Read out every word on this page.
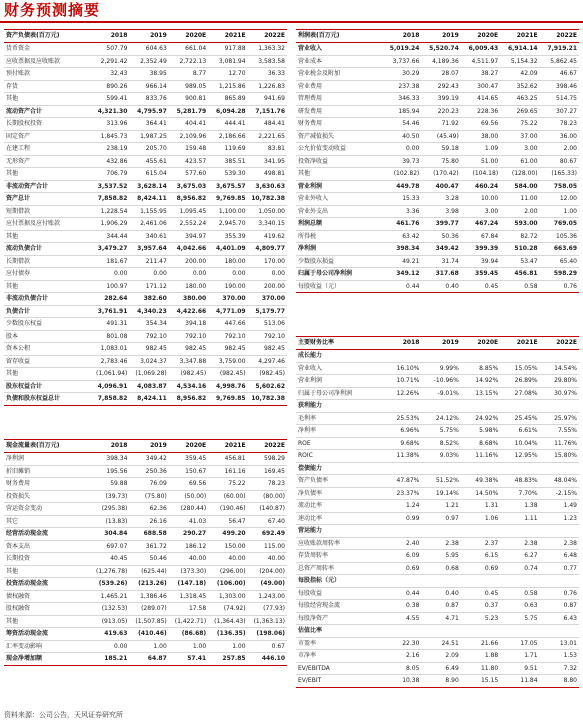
财务预测摘要
资产负债表(百万元)	2018	2019	2020E	2021E	2022E
货币资金	507.79	604.63	661.04	917.88	1,363.32
应收票据及应收账款	2,291.42	2,352.49	2,722.13	3,081.94	3,583.58
预付账款	32.43	38.95	8.77	12.70	36.33
存货	890.26	966.14	989.05	1,215.86	1,226.83
其他	599.41	833.76	900.81	865.89	941.69
流动资产合计	4,321.30	4,795.97	5,281.79	6,094.28	7,151.76
长期股权投资	313.96	364.41	404.41	444.41	484.41
固定资产	1,845.73	1,987.25	2,109.96	2,186.66	2,221.65
在建工程	238.19	205.70	159.48	119.69	83.81
无形资产	432.86	455.61	423.57	385.51	341.95
其他	706.79	615.04	577.60	539.30	498.81
非流动资产合计	3,537.52	3,628.14	3,675.03	3,675.57	3,630.63
资产总计	7,858.82	8,424.11	8,956.82	9,769.85	10,782.38
短期借款	1,228.54	1,155.95	1,095.45	1,100.00	1,050.00
应付票据及应付账款	1,906.29	2,461.06	2,552.24	2,945.70	3,340.15
其他	344.44	340.61	394.97	355.39	419.62
流动负债合计	3,479.27	3,957.64	4,042.66	4,401.09	4,809.77
长期借款	181.67	211.47	200.00	180.00	170.00
应付债券	0.00	0.00	0.00	0.00	0.00
其他	100.97	171.12	180.00	190.00	200.00
非流动负债合计	282.64	382.60	380.00	370.00	370.00
负债合计	3,761.91	4,340.23	4,422.66	4,771.09	5,179.77
少数股东权益	491.31	354.34	394.18	447.66	513.06
股本	801.08	792.10	792.10	792.10	792.10
资本公积	1,083.01	982.45	982.45	982.45	982.45
留存收益	2,783.46	3,024.37	3,347.88	3,759.00	4,297.46
其他	(1,061.94)	(1,069.28)	(982.45)	(982.45)	(982.45)
股东权益合计	4,096.91	4,083.87	4,534.16	4,998.76	5,602.62
负债和股东权益总计	7,858.82	8,424.11	8,956.82	9,769.85	10,782.38
利润表(百万元)	2018	2019	2020E	2021E	2022E
营业收入	5,019.24	5,520.74	6,009.43	6,914.14	7,919.21
营业成本	3,737.66	4,189.36	4,511.97	5,154.32	5,862.45
营业税金及附加	30.29	28.07	38.27	42.09	46.67
营业费用	237.38	292.43	300.47	352.62	398.46
管理费用	346.33	399.19	414.65	463.25	514.75
研发费用	185.94	220.23	228.36	269.65	307.27
财务费用	54.46	71.92	69.56	75.22	78.23
资产减值损失	40.50	(45.49)	38.00	37.00	36.00
公允价值变动收益	0.00	59.18	1.09	3.00	2.00
投资净收益	39.73	75.80	51.00	61.00	80.67
其他	(102.82)	(170.42)	(104.18)	(128.00)	(165.33)
营业利润	449.78	400.47	460.24	584.00	758.05
营业外收入	15.33	3.28	10.00	11.00	12.00
营业外支出	3.36	3.98	3.00	2.00	1.00
利润总额	461.76	399.77	467.24	593.00	769.05
所得税	63.42	50.36	67.84	82.72	105.36
净利润	398.34	349.42	399.39	510.28	663.69
少数股东损益	49.21	31.74	39.94	53.47	65.40
归属于母公司净利润	349.12	317.68	359.45	456.81	598.29
每股收益（元）	0.44	0.40	0.45	0.58	0.76
主要财务比率	2018	2019	2020E	2021E	2022E
成长能力					
营业收入	16.10%	9.99%	8.85%	15.05%	14.54%
营业利润	10.71%	-10.96%	14.92%	26.89%	29.80%
归属于母公司净利润	12.26%	-9.01%	13.15%	27.08%	30.97%
获利能力					
毛利率	25.53%	24.12%	24.92%	25.45%	25.97%
净利率	6.96%	5.75%	5.98%	6.61%	7.55%
ROE	9.68%	8.52%	8.68%	10.04%	11.76%
ROIC	11.38%	9.03%	11.16%	12.95%	15.80%
偿债能力					
资产负债率	47.87%	51.52%	49.38%	48.83%	48.04%
净负债率	23.37%	19.14%	14.50%	7.70%	-2.15%
流动比率	1.24	1.21	1.31	1.38	1.49
速动比率	0.99	0.97	1.06	1.11	1.23
营运能力					
应收账款周转率	2.40	2.38	2.37	2.38	2.38
存货周转率	6.09	5.95	6.15	6.27	6.48
总资产周转率	0.69	0.68	0.69	0.74	0.77
每股指标（元）					
每股收益	0.44	0.40	0.45	0.58	0.76
每股经营现金流	0.38	0.87	0.37	0.63	0.87
每股净资产	4.55	4.71	5.23	5.75	6.43
估值比率					
市盈率	22.30	24.51	21.66	17.05	13.01
市净率	2.16	2.09	1.88	1.71	1.53
EV/EBITDA	8.05	6.49	11.80	9.51	7.32
EV/EBIT	10.38	8.90	15.15	11.84	8.80
现金流量表(百万元)	2018	2019	2020E	2021E	2022E
净利润	398.34	349.42	359.45	456.81	598.29
折旧摊销	195.56	250.36	150.67	161.16	169.45
财务费用	59.88	76.09	69.56	75.22	78.23
投资损失	(39.73)	(75.80)	(50.00)	(60.00)	(80.00)
营运资金变动	(295.38)	62.36	(280.44)	(190.46)	(140.87)
其它	(13.83)	26.16	41.03	56.47	67.40
经营活动现金流	304.84	688.58	290.27	499.20	692.49
资本支出	697.07	361.72	186.12	150.00	115.00
长期投资	40.45	50.46	40.00	40.00	40.00
其他	(1,276.78)	(625.44)	(373.30)	(296.00)	(204.00)
投资活动现金流	(539.26)	(213.26)	(147.18)	(106.00)	(49.00)
债权融资	1,465.21	1,386.46	1,318.45	1,303.00	1,243.00
股权融资	(132.53)	(289.07)	17.58	(74.92)	(77.93)
其他	(913.05)	(1,507.85)	(1,422.71)	(1,364.43)	(1,363.13)
筹资活动现金流	419.63	(410.46)	(86.68)	(136.35)	(198.06)
汇率变动影响	0.00	1.00	1.00	1.00	0.67
现金净增加额	185.21	64.87	57.41	257.85	446.10
资料来源：公司公告，天风证券研究所
